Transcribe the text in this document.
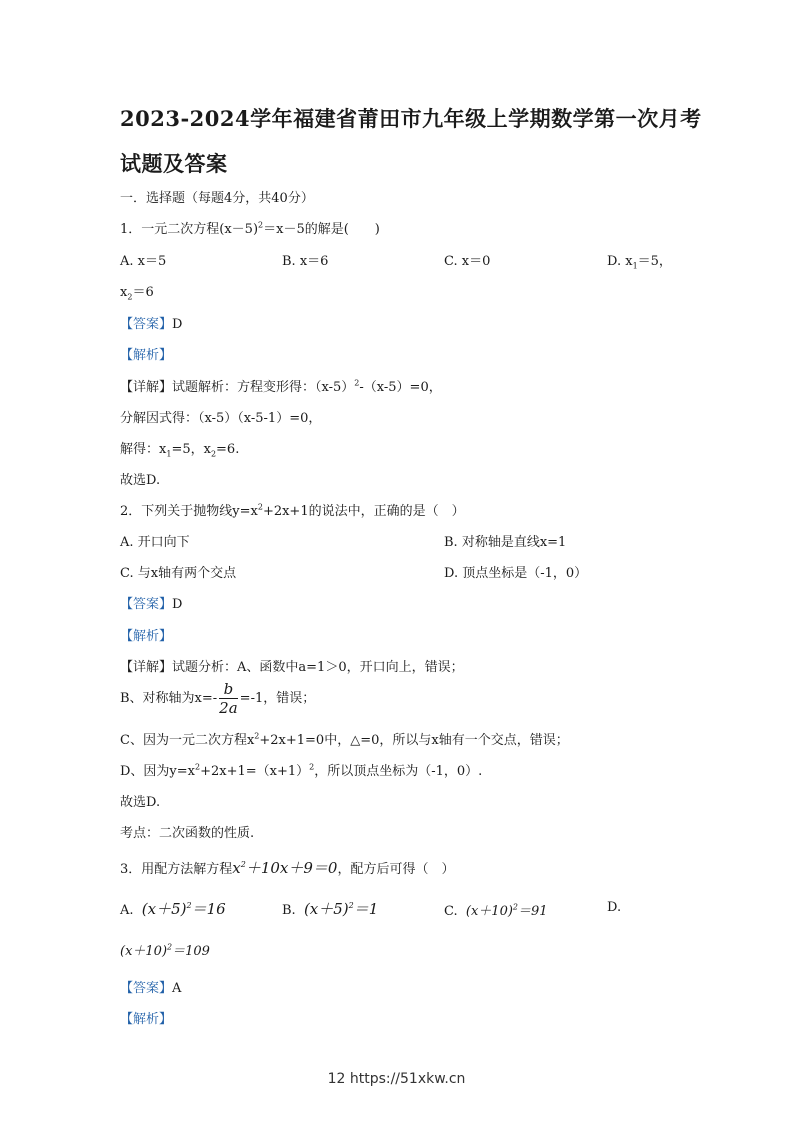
2023-2024学年福建省莆田市九年级上学期数学第一次月考
试题及答案
一．选择题（每题4分，共40分）
1．一元二次方程$(x-5)^2=x-5$的解是(　　)
A. x＝5	B. x＝6	C. x＝0	D. $x_1=5$，
$x_2=6$
【答案】D
【解析】
【详解】试题解析：方程变形得：$(x-5)^2-(x-5)=0$，
分解因式得：（x-5）（x-5-1）=0，
解得：$x_1=5$，$x_2=6$.
故选D.
2．下列关于抛物线$y=x^2+2x+1$的说法中，正确的是（　）
A. 开口向下	B. 对称轴是直线x=1
C. 与x轴有两个交点	D. 顶点坐标是（-1，0）
【答案】D
【解析】
【详解】试题分析：A、函数中a=1＞0，开口向上，错误；
B、对称轴为$x=- \frac{b}{2a} =-1$，错误；
C、因为一元二次方程$x^2+2x+1=0$中，△=0，所以与x轴有一个交点，错误；
D、因为$y=x^2+2x+1=(x+1)^2$，所以顶点坐标为（-1，0）.
故选D.
考点：二次函数的性质.
3．用配方法解方程$x^2+10x+9=0$，配方后可得（　）
A. $(x+5)^2=16$	B. $(x+5)^2=1$	C. $(x+10)^2=91$	D.
$(x+10)^2=109$
【答案】A
【解析】
12 https://51xkw.cn
